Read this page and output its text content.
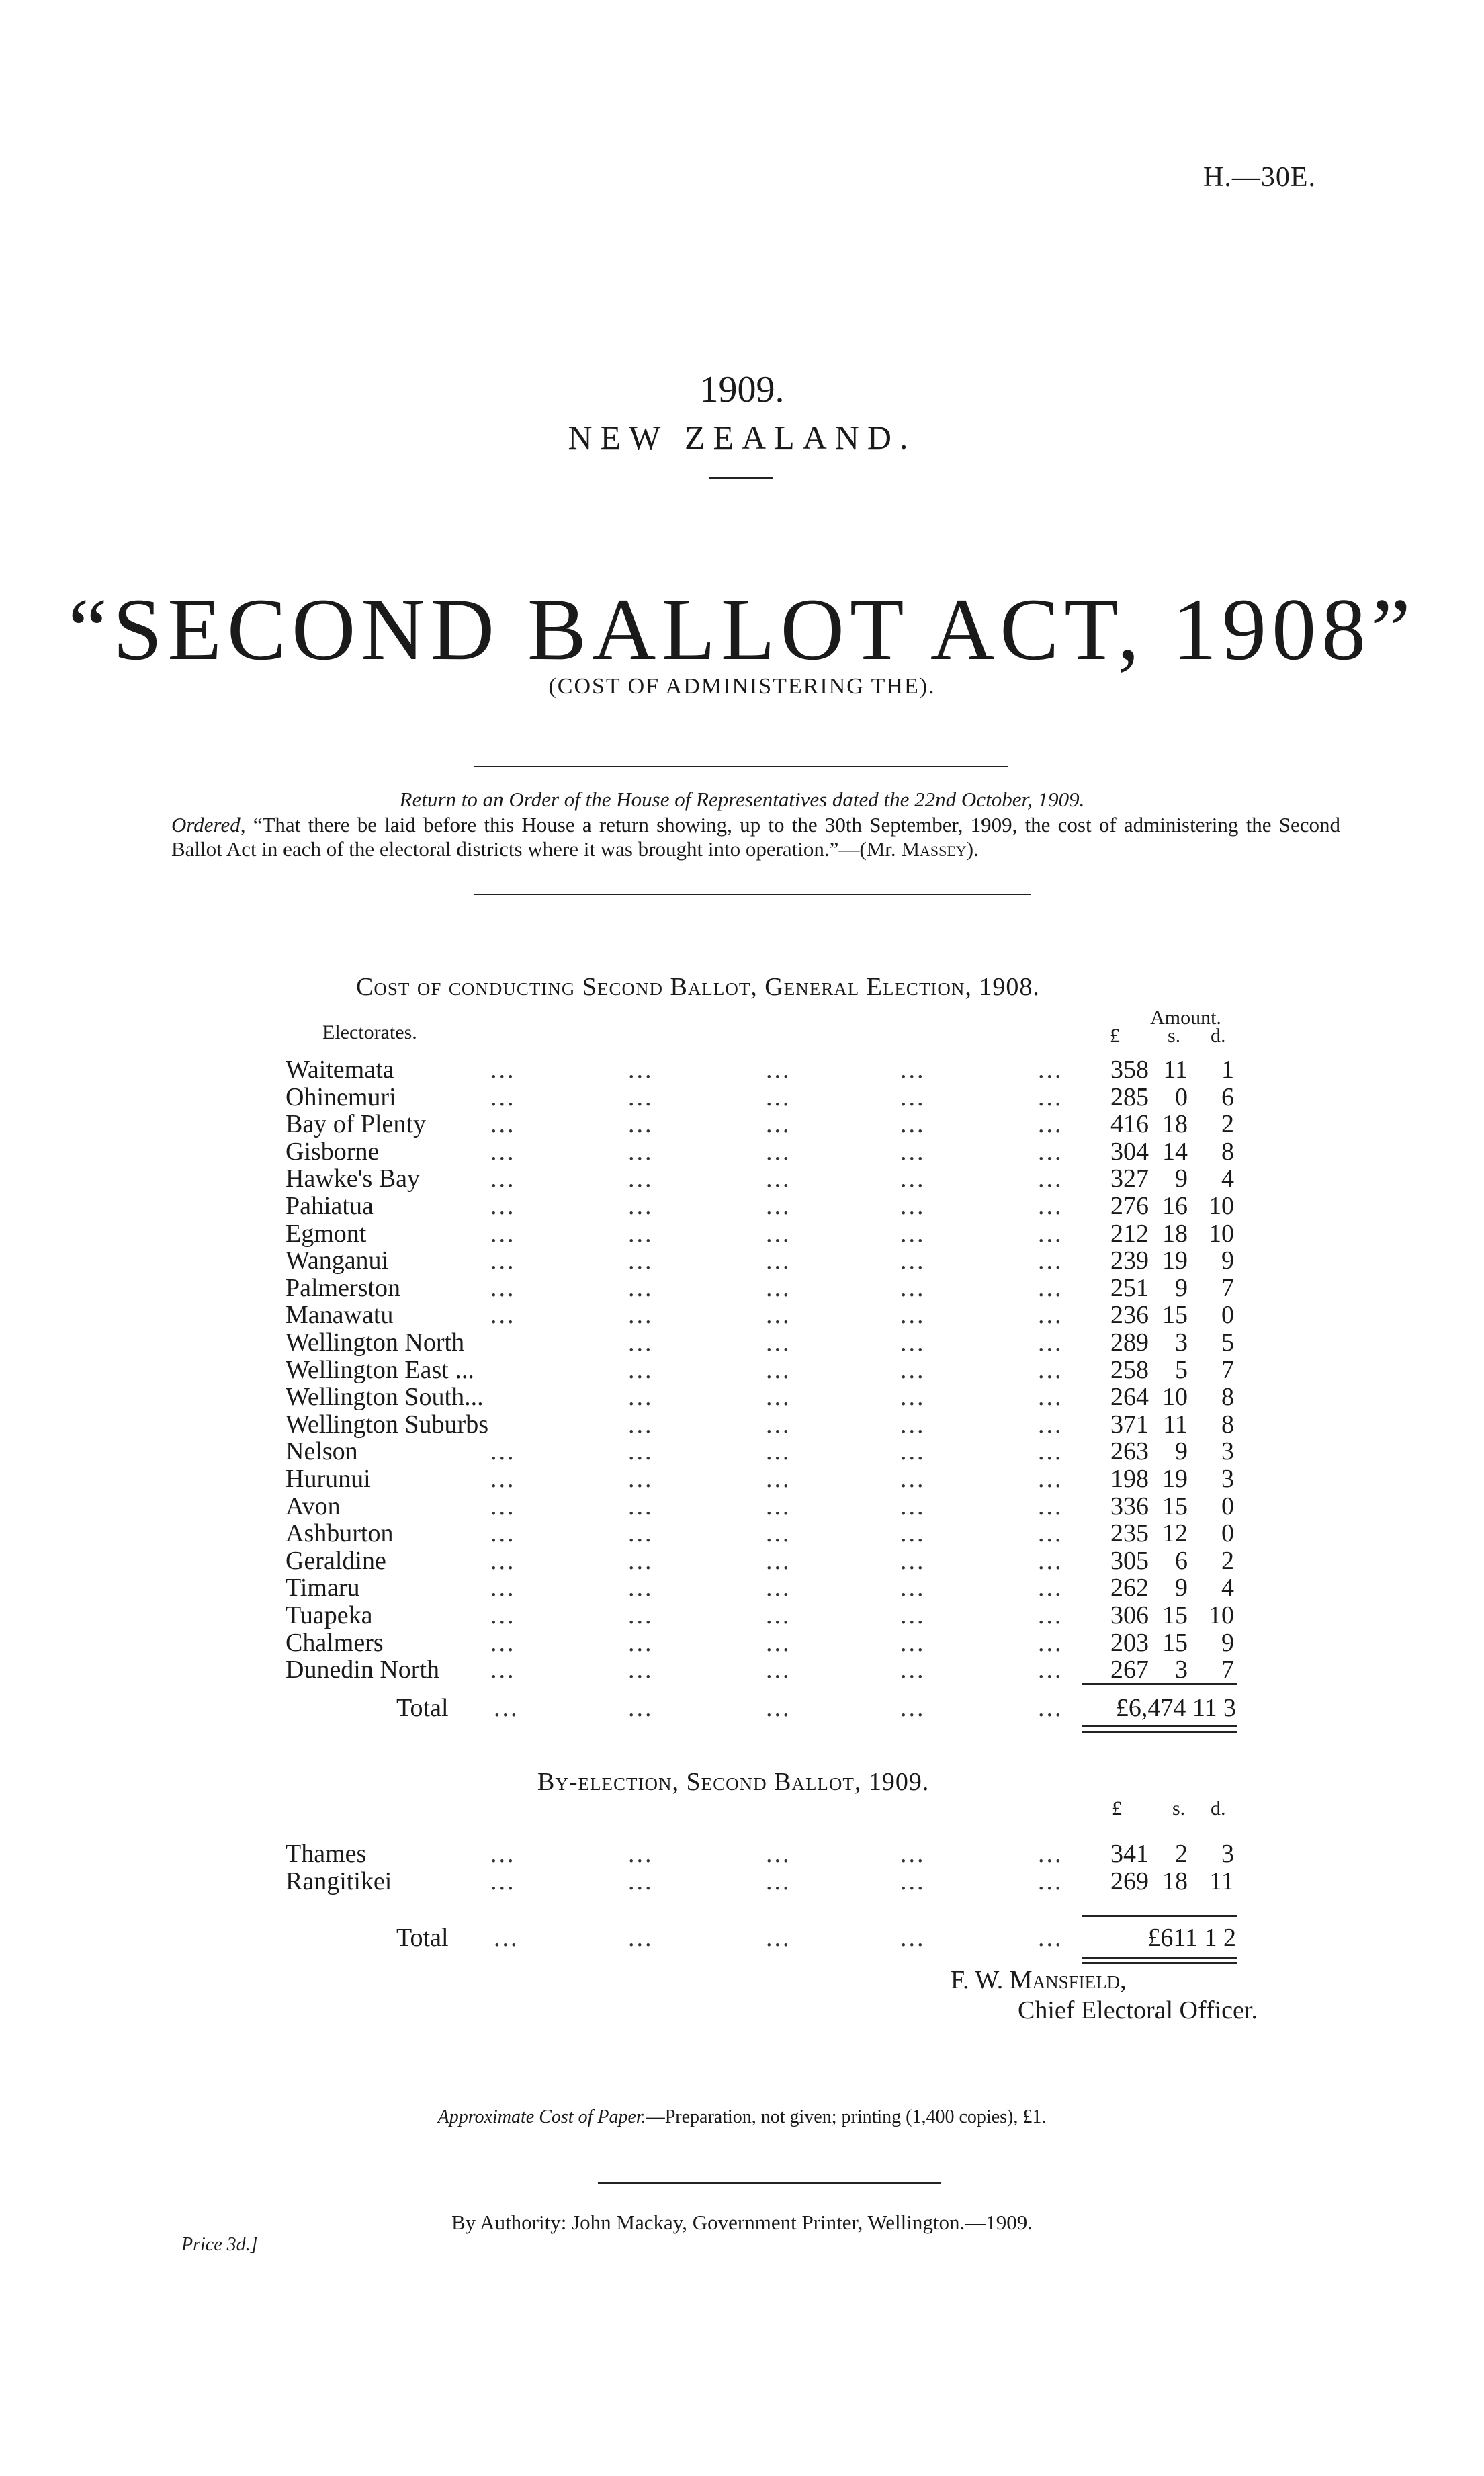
H.—30E.
1909.
NEW ZEALAND.
“SECOND BALLOT ACT, 1908”
(COST OF ADMINISTERING THE).
Return to an Order of the House of Representatives dated the 22nd October, 1909.
Ordered, “That there be laid before this House a return showing, up to the 30th September, 1909, the cost of administering the Second Ballot Act in each of the electoral districts where it was brought into operation.”—(Mr. Massey).
Cost of conducting Second Ballot, General Election, 1908.
Amount.
Electorates.	£ s. d.
Waitemata	...	...	...	...	...	358 11	1
Ohinemuri	...	...	...	...	...	285	0	6
Bay of Plenty	...	...	...	...	...	416 18	2
Gisborne	...	...	...	...	...	304 14	8
Hawke's Bay	...	...	...	...	...	327	9	4
Pahiatua	...	...	...	...	...	276 16 10
Egmont	...	...	...	...	...	212 18 10
Wanganui	...	...	...	...	...	239 19	9
Palmerston	...	...	...	...	...	251	9	7
Manawatu	...	...	...	...	...	236 15	0
Wellington North	...	...	...	...	289	3	5
Wellington East ...	...	...	...	...	258	5	7
Wellington South...	...	...	...	...	264 10	8
Wellington Suburbs	...	...	...	...	371 11	8
Nelson	...	...	...	...	...	263	9	3
Hurunui	...	...	...	...	...	198 19	3
Avon	...	...	...	...	...	336 15	0
Ashburton	...	...	...	...	...	235 12	0
Geraldine	...	...	...	...	...	305	6	2
Timaru	...	...	...	...	...	262	9	4
Tuapeka	...	...	...	...	...	306 15 10
Chalmers	...	...	...	...	...	203 15	9
Dunedin North ...	...	...	...	...	267	3	7
Total ...	...	...	...	...	£6,474 11 3
By-election, Second Ballot, 1909.
£	s. d.
Thames	...	...	...	...	...	341	2	3
Rangitikei	...	...	...	...	...	269 18 11
Total ...	...	...	...	...	£611 1 2
F. W. Mansfield,
Chief Electoral Officer.
Approximate Cost of Paper.—Preparation, not given; printing (1,400 copies), £1.
By Authority: John Mackay, Government Printer, Wellington.—1909.
Price 3d.]
